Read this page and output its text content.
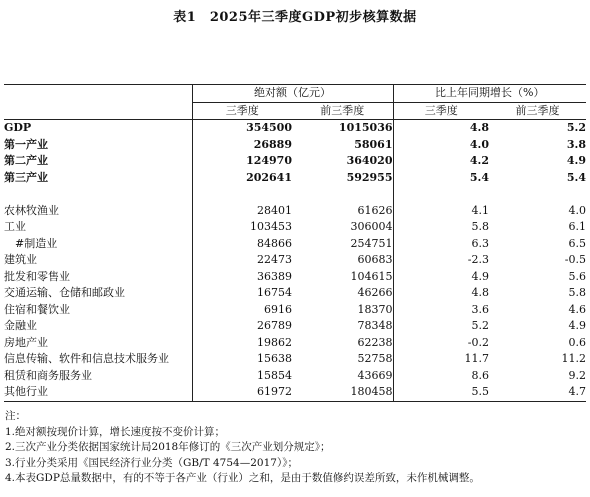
表1　2025年三季度GDP初步核算数据
	绝对额（亿元）		比上年同期增长（%）	
	三季度	前三季度	三季度	前三季度
GDP	354500	1015036	4.8	5.2
第一产业	26889	58061	4.0	3.8
第二产业	124970	364020	4.2	4.9
第三产业	202641	592955	5.4	5.4

农林牧渔业	28401	61626	4.1	4.0
工业	103453	306004	5.8	6.1
　#制造业	84866	254751	6.3	6.5
建筑业	22473	60683	-2.3	-0.5
批发和零售业	36389	104615	4.9	5.6
交通运输、仓储和邮政业	16754	46266	4.8	5.8
住宿和餐饮业	6916	18370	3.6	4.6
金融业	26789	78348	5.2	4.9
房地产业	19862	62238	-0.2	0.6
信息传输、软件和信息技术服务业	15638	52758	11.7	11.2
租赁和商务服务业	15854	43669	8.6	9.2
其他行业	61972	180458	5.5	4.7
注：
1.绝对额按现价计算，增长速度按不变价计算；
2.三次产业分类依据国家统计局2018年修订的《三次产业划分规定》；
3.行业分类采用《国民经济行业分类（GB/T 4754—2017）》；
4.本表GDP总量数据中，有的不等于各产业（行业）之和，是由于数值修约误差所致，未作机械调整。
